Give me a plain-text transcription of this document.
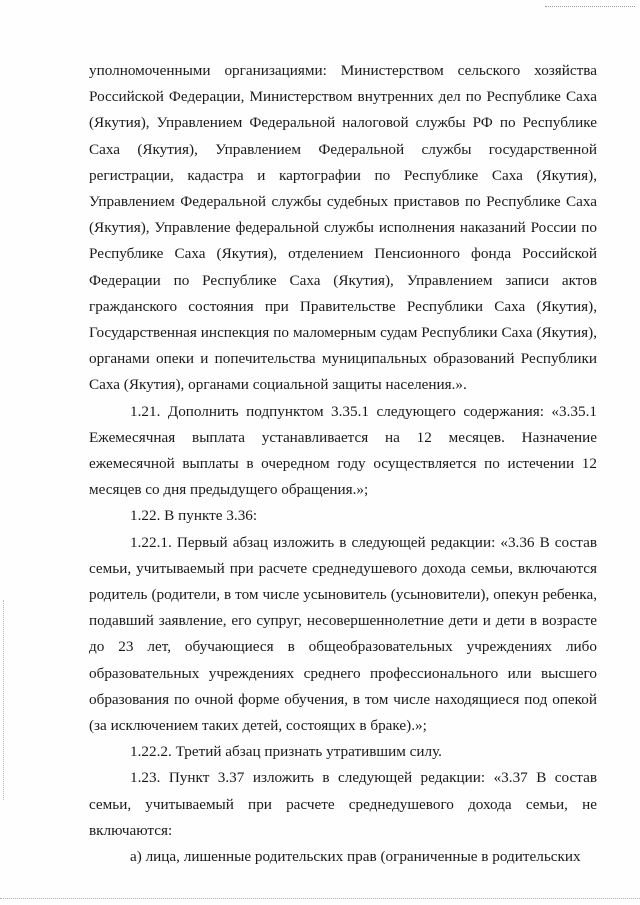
уполномоченными организациями: Министерством сельского хозяйства Российской Федерации, Министерством внутренних дел по Республике Саха (Якутия), Управлением Федеральной налоговой службы РФ по Республике Саха (Якутия), Управлением Федеральной службы государственной регистрации, кадастра и картографии по Республике Саха (Якутия), Управлением Федеральной службы судебных приставов по Республике Саха (Якутия), Управление федеральной службы исполнения наказаний России по Республике Саха (Якутия), отделением Пенсионного фонда Российской Федерации по Республике Саха (Якутия), Управлением записи актов гражданского состояния при Правительстве Республики Саха (Якутия), Государственная инспекция по маломерным судам Республики Саха (Якутия), органами опеки и попечительства муниципальных образований Республики Саха (Якутия), органами социальной защиты населения.».

1.21. Дополнить подпунктом 3.35.1 следующего содержания: «3.35.1 Ежемесячная выплата устанавливается на 12 месяцев. Назначение ежемесячной выплаты в очередном году осуществляется по истечении 12 месяцев со дня предыдущего обращения.»;

1.22. В пункте 3.36:

1.22.1. Первый абзац изложить в следующей редакции: «3.36 В состав семьи, учитываемый при расчете среднедушевого дохода семьи, включаются родитель (родители, в том числе усыновитель (усыновители), опекун ребенка, подавший заявление, его супруг, несовершеннолетние дети и дети в возрасте до 23 лет, обучающиеся в общеобразовательных учреждениях либо образовательных учреждениях среднего профессионального или высшего образования по очной форме обучения, в том числе находящиеся под опекой (за исключением таких детей, состоящих в браке).»;

1.22.2. Третий абзац признать утратившим силу.

1.23. Пункт 3.37 изложить в следующей редакции: «3.37 В состав семьи, учитываемый при расчете среднедушевого дохода семьи, не включаются:

а) лица, лишенные родительских прав (ограниченные в родительских
